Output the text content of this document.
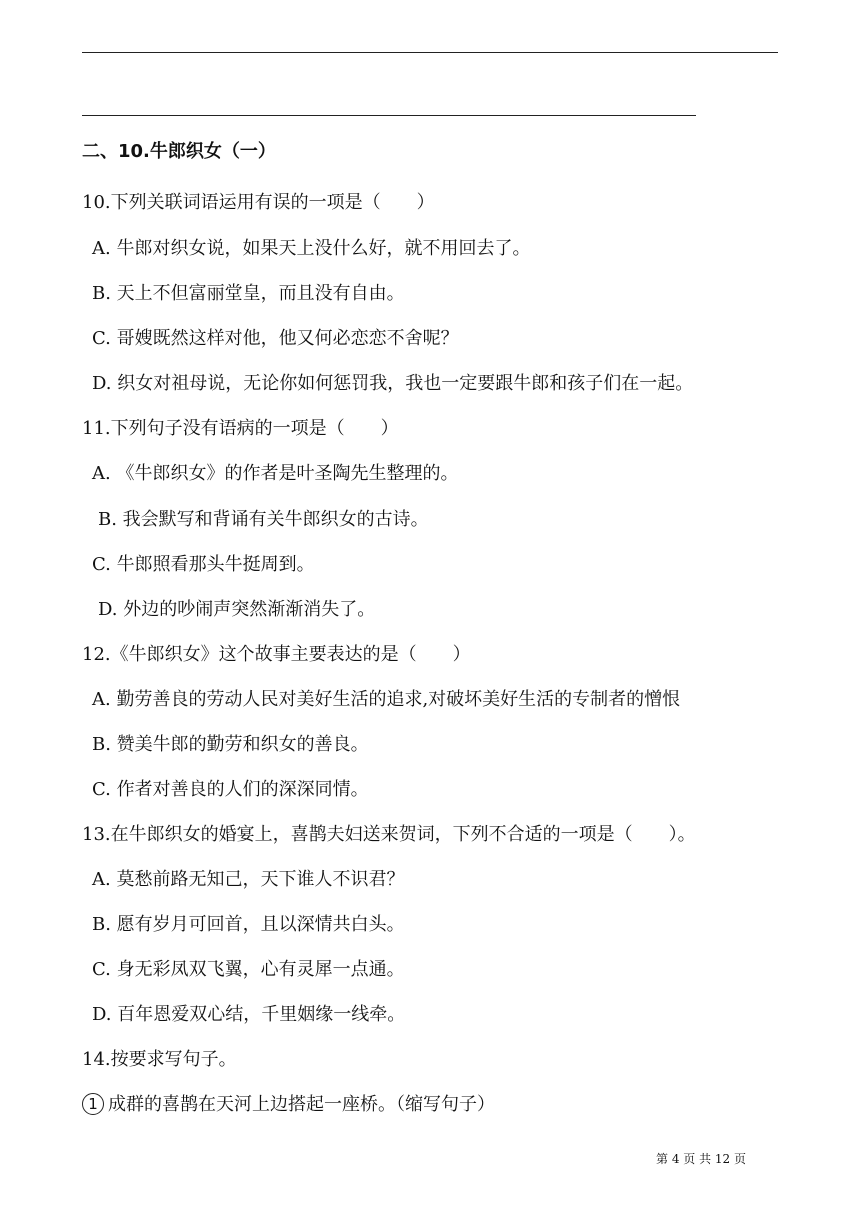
二、10.牛郎织女（一）
10.下列关联词语运用有误的一项是（　　）
A. 牛郎对织女说，如果天上没什么好，就不用回去了。
B. 天上不但富丽堂皇，而且没有自由。
C. 哥嫂既然这样对他，他又何必恋恋不舍呢？
D. 织女对祖母说，无论你如何惩罚我，我也一定要跟牛郎和孩子们在一起。
11.下列句子没有语病的一项是（　　）
A. 《牛郎织女》的作者是叶圣陶先生整理的。
B. 我会默写和背诵有关牛郎织女的古诗。
C. 牛郎照看那头牛挺周到。
D. 外边的吵闹声突然渐渐消失了。
12.《牛郎织女》这个故事主要表达的是（　　）
A. 勤劳善良的劳动人民对美好生活的追求,对破坏美好生活的专制者的憎恨
B. 赞美牛郎的勤劳和织女的善良。
C. 作者对善良的人们的深深同情。
13.在牛郎织女的婚宴上，喜鹊夫妇送来贺词，下列不合适的一项是（　　）。
A. 莫愁前路无知己，天下谁人不识君？
B. 愿有岁月可回首，且以深情共白头。
C. 身无彩凤双飞翼，心有灵犀一点通。
D. 百年恩爱双心结，千里姻缘一线牵。
14.按要求写句子。
1 成群的喜鹊在天河上边搭起一座桥。（缩写句子）
第 4 页 共 12 页
